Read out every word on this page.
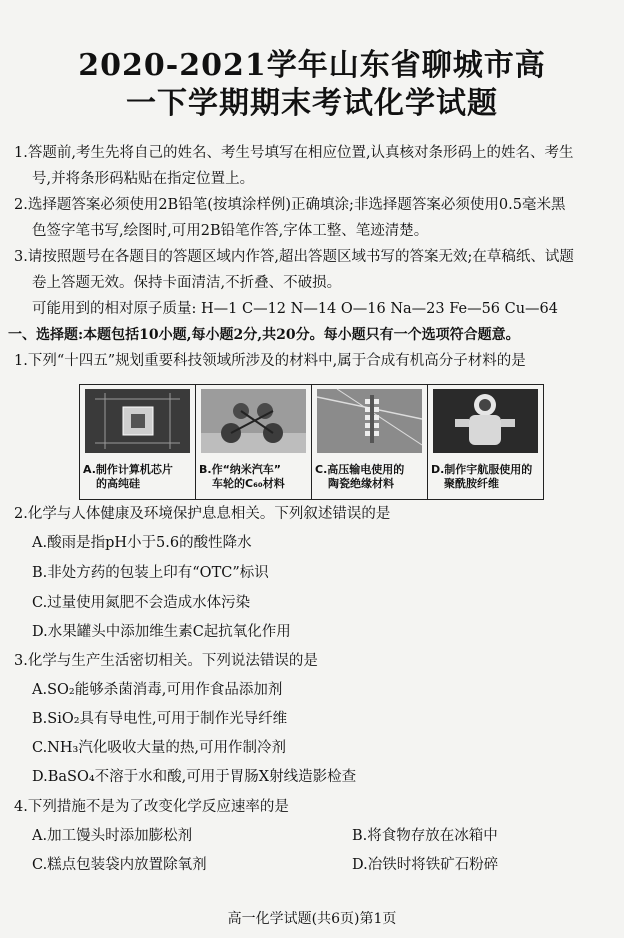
2020-2021学年山东省聊城市高
一下学期期末考试化学试题
1.答题前,考生先将自己的姓名、考生号填写在相应位置,认真核对条形码上的姓名、考生
号,并将条形码粘贴在指定位置上。
2.选择题答案必须使用2B铅笔(按填涂样例)正确填涂;非选择题答案必须使用0.5毫米黑
色签字笔书写,绘图时,可用2B铅笔作答,字体工整、笔迹清楚。
3.请按照题号在各题目的答题区域内作答,超出答题区域书写的答案无效;在草稿纸、试题
卷上答题无效。保持卡面清洁,不折叠、不破损。
可能用到的相对原子质量: H—1 C—12 N—14 O—16 Na—23 Fe—56 Cu—64
一、选择题:本题包括10小题,每小题2分,共20分。每小题只有一个选项符合题意。
1.下列“十四五”规划重要科技领域所涉及的材料中,属于合成有机高分子材料的是
A.制作计算机芯片
的高纯硅
B.作“纳米汽车”
车轮的C₆₀材料
C.高压输电使用的
陶瓷绝缘材料
D.制作宇航服使用的
聚酰胺纤维
2.化学与人体健康及环境保护息息相关。下列叙述错误的是
A.酸雨是指pH小于5.6的酸性降水
B.非处方药的包装上印有“OTC”标识
C.过量使用氮肥不会造成水体污染
D.水果罐头中添加维生素C起抗氧化作用
3.化学与生产生活密切相关。下列说法错误的是
A.SO₂能够杀菌消毒,可用作食品添加剂
B.SiO₂具有导电性,可用于制作光导纤维
C.NH₃汽化吸收大量的热,可用作制冷剂
D.BaSO₄不溶于水和酸,可用于胃肠X射线造影检查
4.下列措施不是为了改变化学反应速率的是
A.加工馒头时添加膨松剂	B.将食物存放在冰箱中
C.糕点包装袋内放置除氧剂	D.冶铁时将铁矿石粉碎
高一化学试题(共6页)第1页
